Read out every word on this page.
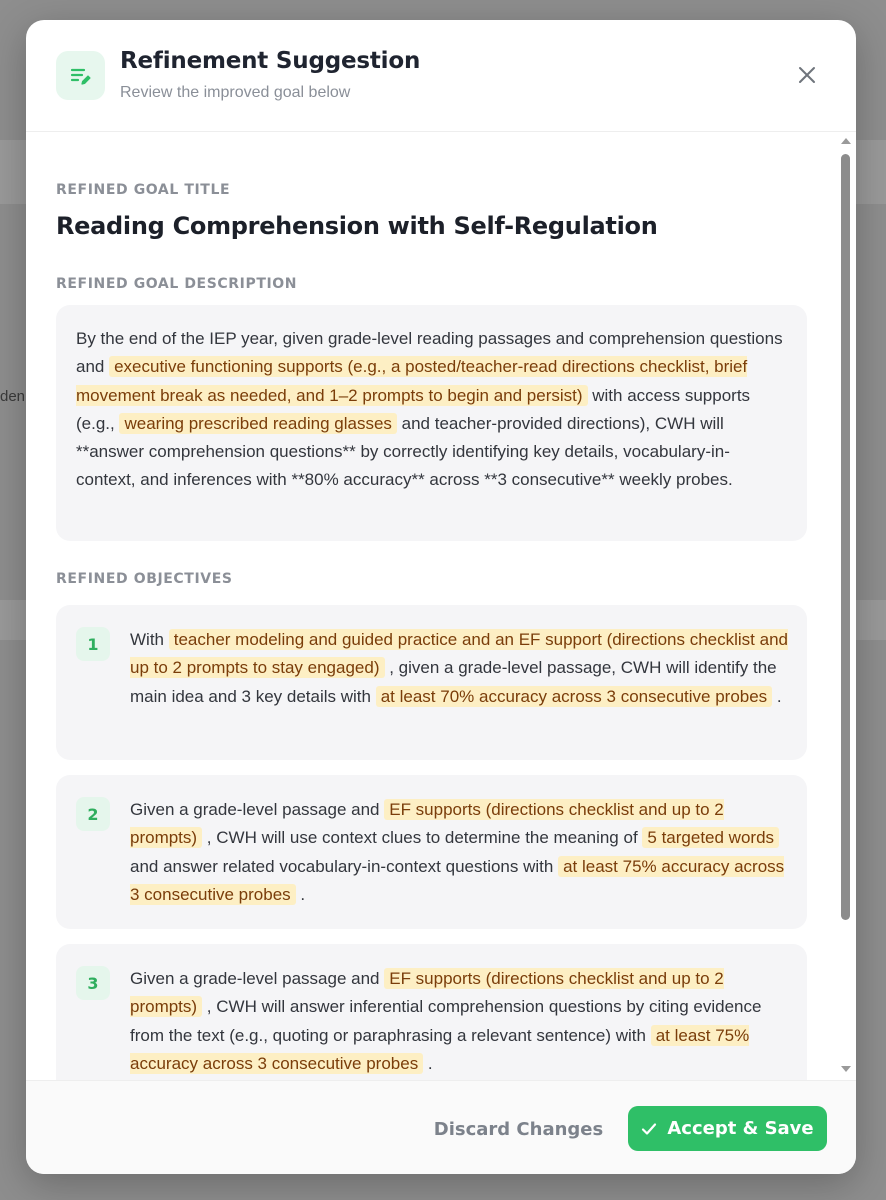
den
Refinement Suggestion
Review the improved goal below
REFINED GOAL TITLE
Reading Comprehension with Self-Regulation
REFINED GOAL DESCRIPTION
By the end of the IEP year, given grade-level reading passages and comprehension questions and executive functioning supports (e.g., a posted/teacher-read directions checklist, brief movement break as needed, and 1–2 prompts to begin and persist) with access supports (e.g., wearing prescribed reading glasses and teacher-provided directions), CWH will **answer comprehension questions** by correctly identifying key details, vocabulary-in-context, and inferences with **80% accuracy** across **3 consecutive** weekly probes.
REFINED OBJECTIVES
1	With teacher modeling and guided practice and an EF support (directions checklist and up to 2 prompts to stay engaged) , given a grade-level passage, CWH will identify the main idea and 3 key details with at least 70% accuracy across 3 consecutive probes .
2	Given a grade-level passage and EF supports (directions checklist and up to 2 prompts) , CWH will use context clues to determine the meaning of 5 targeted words and answer related vocabulary-in-context questions with at least 75% accuracy across 3 consecutive probes .
3	Given a grade-level passage and EF supports (directions checklist and up to 2 prompts) , CWH will answer inferential comprehension questions by citing evidence from the text (e.g., quoting or paraphrasing a relevant sentence) with at least 75% accuracy across 3 consecutive probes .
Discard Changes	Accept & Save
